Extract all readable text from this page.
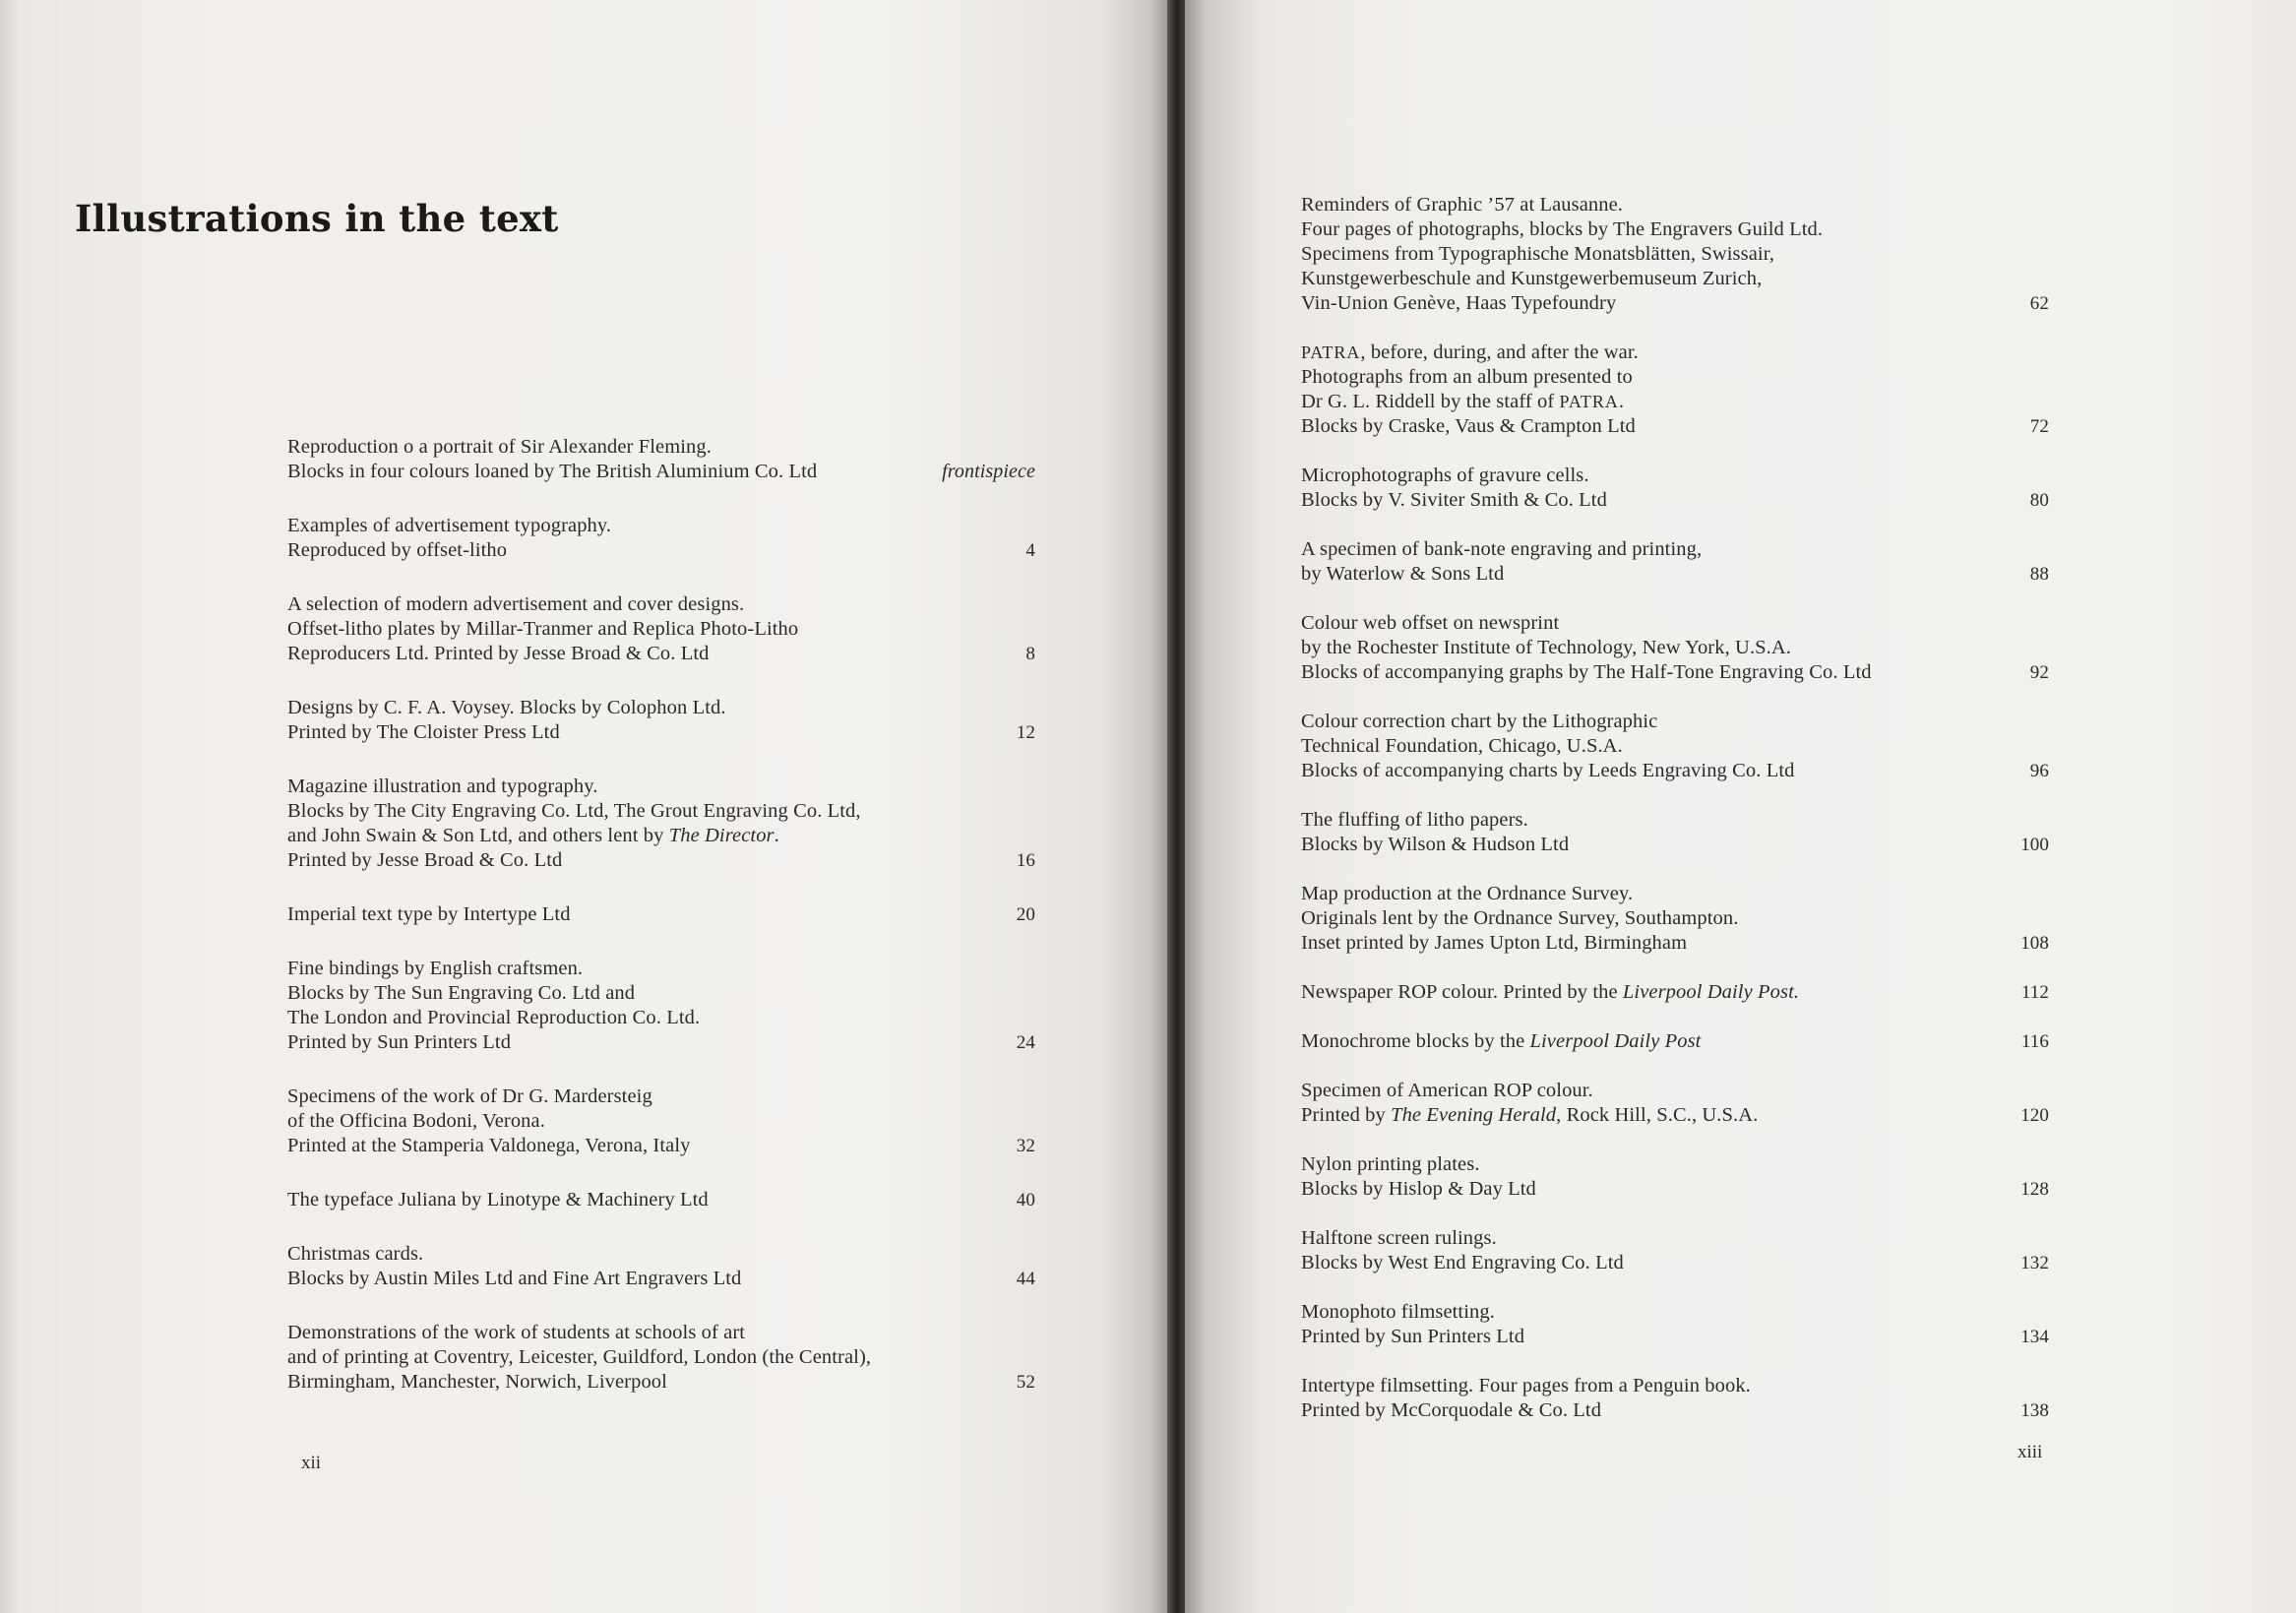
Illustrations in the text
Reproduction o a portrait of Sir Alexander Fleming.
Blocks in four colours loaned by The British Aluminium Co. Ltd	frontispiece
Examples of advertisement typography.
Reproduced by offset-litho	4
A selection of modern advertisement and cover designs.
Offset-litho plates by Millar-Tranmer and Replica Photo-Litho
Reproducers Ltd. Printed by Jesse Broad & Co. Ltd	8
Designs by C. F. A. Voysey. Blocks by Colophon Ltd.
Printed by The Cloister Press Ltd	12
Magazine illustration and typography.
Blocks by The City Engraving Co. Ltd, The Grout Engraving Co. Ltd,
and John Swain & Son Ltd, and others lent by The Director.
Printed by Jesse Broad & Co. Ltd	16
Imperial text type by Intertype Ltd	20
Fine bindings by English craftsmen.
Blocks by The Sun Engraving Co. Ltd and
The London and Provincial Reproduction Co. Ltd.
Printed by Sun Printers Ltd	24
Specimens of the work of Dr G. Mardersteig
of the Officina Bodoni, Verona.
Printed at the Stamperia Valdonega, Verona, Italy	32
The typeface Juliana by Linotype & Machinery Ltd	40
Christmas cards.
Blocks by Austin Miles Ltd and Fine Art Engravers Ltd	44
Demonstrations of the work of students at schools of art
and of printing at Coventry, Leicester, Guildford, London (the Central),
Birmingham, Manchester, Norwich, Liverpool	52
xii
Reminders of Graphic ’57 at Lausanne.
Four pages of photographs, blocks by The Engravers Guild Ltd.
Specimens from Typographische Monatsblätten, Swissair,
Kunstgewerbeschule and Kunstgewerbemuseum Zurich,
Vin-Union Genève, Haas Typefoundry	62
PATRA, before, during, and after the war.
Photographs from an album presented to
Dr G. L. Riddell by the staff of PATRA.
Blocks by Craske, Vaus & Crampton Ltd	72
Microphotographs of gravure cells.
Blocks by V. Siviter Smith & Co. Ltd	80
A specimen of bank-note engraving and printing,
by Waterlow & Sons Ltd	88
Colour web offset on newsprint
by the Rochester Institute of Technology, New York, U.S.A.
Blocks of accompanying graphs by The Half-Tone Engraving Co. Ltd	92
Colour correction chart by the Lithographic
Technical Foundation, Chicago, U.S.A.
Blocks of accompanying charts by Leeds Engraving Co. Ltd	96
The fluffing of litho papers.
Blocks by Wilson & Hudson Ltd	100
Map production at the Ordnance Survey.
Originals lent by the Ordnance Survey, Southampton.
Inset printed by James Upton Ltd, Birmingham	108
Newspaper ROP colour. Printed by the Liverpool Daily Post.	112
Monochrome blocks by the Liverpool Daily Post	116
Specimen of American ROP colour.
Printed by The Evening Herald, Rock Hill, S.C., U.S.A.	120
Nylon printing plates.
Blocks by Hislop & Day Ltd	128
Halftone screen rulings.
Blocks by West End Engraving Co. Ltd	132
Monophoto filmsetting.
Printed by Sun Printers Ltd	134
Intertype filmsetting. Four pages from a Penguin book.
Printed by McCorquodale & Co. Ltd	138
xiii
